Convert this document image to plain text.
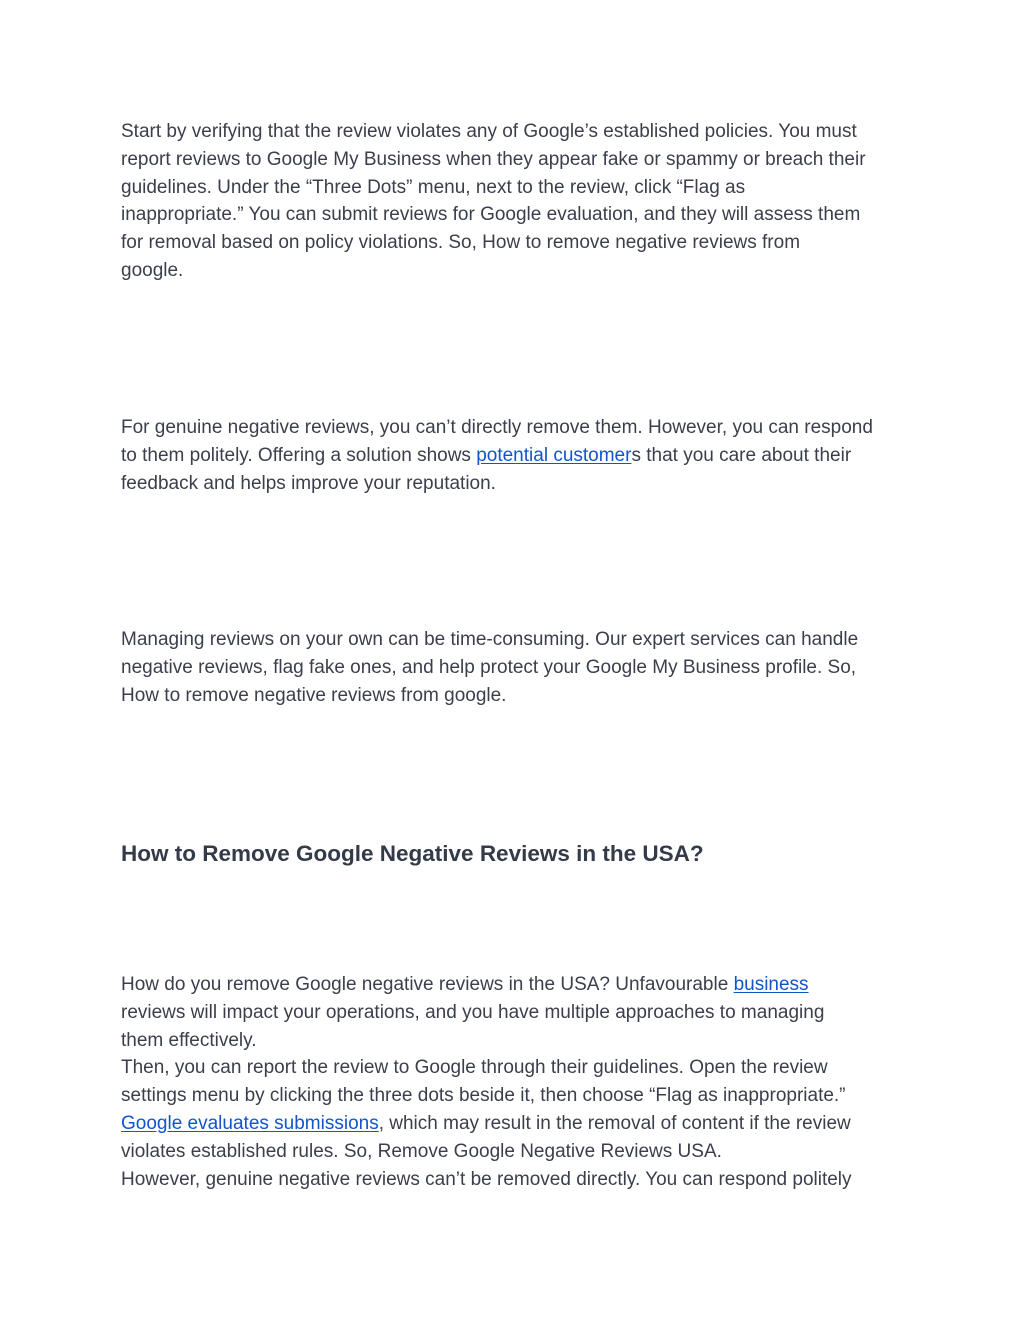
Start by verifying that the review violates any of Google’s established policies. You must
report reviews to Google My Business when they appear fake or spammy or breach their
guidelines. Under the “Three Dots” menu, next to the review, click “Flag as
inappropriate.” You can submit reviews for Google evaluation, and they will assess them
for removal based on policy violations. So, How to remove negative reviews from
google.

For genuine negative reviews, you can’t directly remove them. However, you can respond
to them politely. Offering a solution shows potential customers that you care about their
feedback and helps improve your reputation.

Managing reviews on your own can be time-consuming. Our expert services can handle
negative reviews, flag fake ones, and help protect your Google My Business profile. So,
How to remove negative reviews from google.

How to Remove Google Negative Reviews in the USA?

How do you remove Google negative reviews in the USA? Unfavourable business
reviews will impact your operations, and you have multiple approaches to managing
them effectively.
Then, you can report the review to Google through their guidelines. Open the review
settings menu by clicking the three dots beside it, then choose “Flag as inappropriate.”
Google evaluates submissions, which may result in the removal of content if the review
violates established rules. So, Remove Google Negative Reviews USA.
However, genuine negative reviews can’t be removed directly. You can respond politely
